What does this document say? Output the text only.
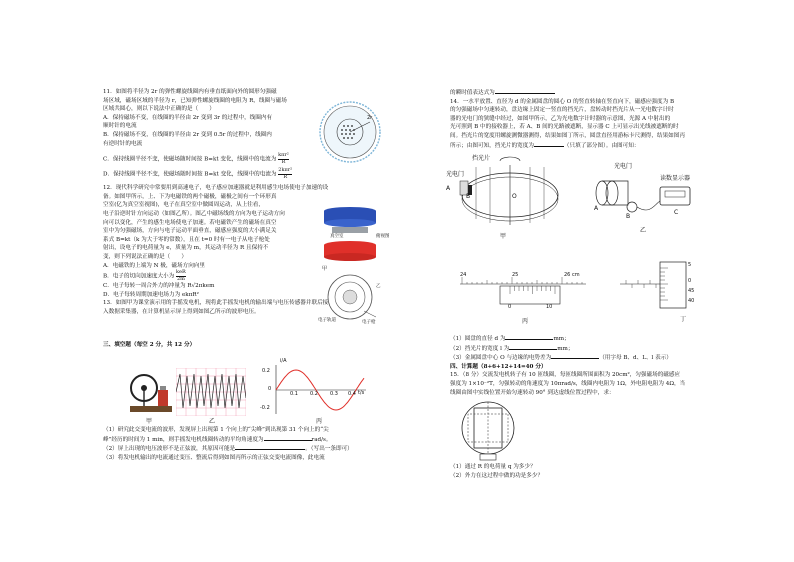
11．如图将半径为 2r 的弹性螺旋线圈内有垂直纸面向外的圆形匀强磁

场区域，磁场区域的半径为 r，已知弹性螺旋线圈的电阻为 R，线圈与磁场

区域共圆心，则以下说法中正确的是（　　）

A．保持磁场不变，在线圈的半径由 2r 变到 3r 的过程中，线圈内有

顺时针的电流

B．保持磁场不变，在线圈的半径由 2r 变到 0.5r 的过程中，线圈内

有逆时针的电流

C．保持线圈半径不变，使磁场随时间按 B=kt 变化，线圈中的电流为
kπr²
R

D．保持线圈半径不变，使磁场随时间按 B=kt 变化，线圈中的电流为
2kπr²
R

12．现代科学研究中常要用到高速电子，电子感应加速器就是利用感生电场使电子加速的设

备。如图甲所示，上、下为电磁铁的两个磁极，磁极之间有一个环形真

空室(亿为真空室视图)，电子在真空室中做圆周运动，从上往看，

电子沿逆时针方向运动（如图乙所）。图乙中磁场线的方向为电子运动方向

向可以变化，产生的感生电场使电子加速。若电磁铁产生的磁场在真空

室中为匀强磁场，方向与电子运动平面垂直，磁感应强度的大小满足关

系式 B=kt（k 为大于零的常数），且在 t=0 时有一电子从电子枪处

射出，设电子的电荷量为 e，质量为 m，其运动半径为 R 且保持不

变，则下列说法正确的是（　　）

A．电磁铁的上端为 N 极，磁场方向向里

B．电子的切向加速度大小为
keR
2m

C．电子每转一周合外力的冲量为 R√2πkem

D．电子每转周期加速电场力为 ekπR²

13．如图甲为课堂演示用的手摇发电机，现将此手摇发电机的输出端与电压传感器并联后接

入数据采集器，在计算机显示屏上得到如图乙所示的波形电压。

2r
真空室	俯视图
甲
乙
电子轨道	电子枪
甲	乙
i/A
t/s
0.2
0
-0.2
0.1 0.2 0.3 0.4
丙

（1）研究此交变电流的波形，发现屏上出现第 1 个向上的“尖峰”到出现第 31 个向上的“尖

峰”经历的时间为 1 min，则手摇发电机线圈转动的平均角速度为	rad/s。

（2）屏上出现的电压波形不是正弦波，其原因可能是	。（写出一条即可）

（3）将发电机输出的电流通过变压、整流后得到如图丙所示的正弦交变电流图像，此电流

三、填空题（每空 2 分，共 12 分）

的瞬时值表达式为

14．一水平放置、直径为 d 的金属圆盘的圆心 O 的竖直转轴在竖直向下，磁感应强度为 B

的匀强磁场中匀速转动，盘边缘上固定一竖直的挡光片，盘转动时挡光片从一光电数字计时

器的光电门的狭缝中经过，如图甲所示，乙为光电数字计时器的示意图，光源 A 中射出的

光可照到 B 中的接收器上，若 A、B 间的光路被遮断，显示器 C 上可显示出光线被遮断的时

间。挡光片的宽度用螺旋测微器测得，结果如图丁所示，圆盘直径用游标卡尺测得，结果如图丙

所示；由图可知，挡光片的宽度为	（只填了部分图）。由图可知：

挡光片
光电门
A
B	O
甲
光电门
读数显示器
A
B
C
乙
24	25	26 cm
0	10
丙
5
0
45
40
丁

（1）圆盘的直径 d 为	mm；

（2）挡光片的宽度 l 为	mm；

（3）金属圆盘中心 O 与边缘的电势差为	（用字母 B、d、L、l 表示）

四、计算题（8+6+12+14=40 分）

15．（8 分）交流发电机转子有 10 匝线圈，每匝线圈所围面积为 20cm²，匀强磁场的磁感应

强度为 1×10⁻²T，匀强转动的角速度为 10πrad/s，线圈内电阻为 1Ω，外电阻电阻为 4Ω，当

线圈由图中实线位置开始匀速转动 90° 到达虚线位置过程中，求：

（1）通过 R 的电荷量 q 为多少？

（2）外力在这过程中做的功是多少？
